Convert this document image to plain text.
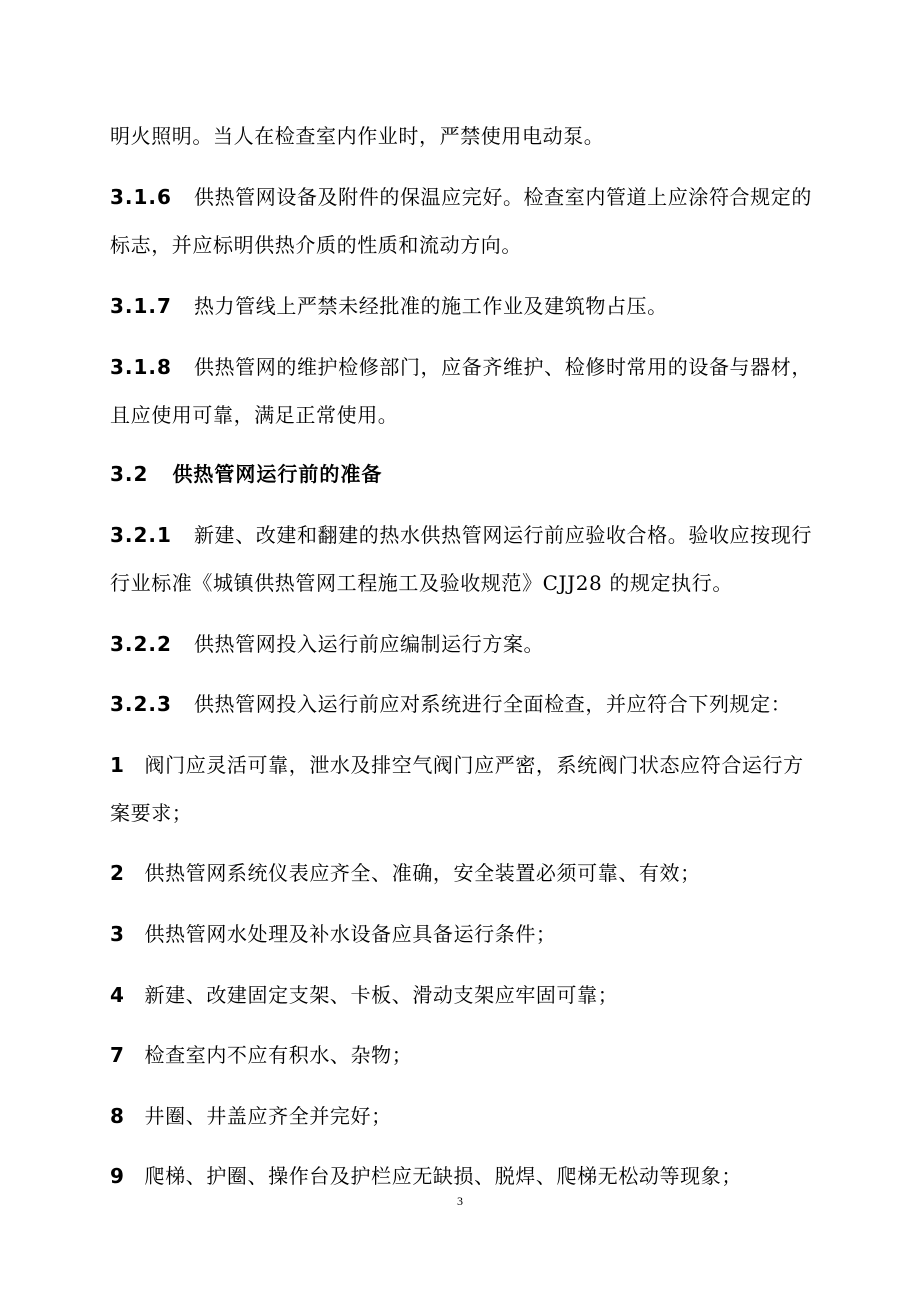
明火照明。当人在检查室内作业时，严禁使用电动泵。
3.1.6 供热管网设备及附件的保温应完好。检查室内管道上应涂符合规定的
标志，并应标明供热介质的性质和流动方向。
3.1.7 热力管线上严禁未经批准的施工作业及建筑物占压。
3.1.8 供热管网的维护检修部门，应备齐维护、检修时常用的设备与器材，
且应使用可靠，满足正常使用。
3.2 供热管网运行前的准备
3.2.1 新建、改建和翻建的热水供热管网运行前应验收合格。验收应按现行
行业标准《城镇供热管网工程施工及验收规范》CJJ28 的规定执行。
3.2.2 供热管网投入运行前应编制运行方案。
3.2.3 供热管网投入运行前应对系统进行全面检查，并应符合下列规定：
1 阀门应灵活可靠，泄水及排空气阀门应严密，系统阀门状态应符合运行方
案要求；
2 供热管网系统仪表应齐全、准确，安全装置必须可靠、有效；
3 供热管网水处理及补水设备应具备运行条件；
4 新建、改建固定支架、卡板、滑动支架应牢固可靠；
7 检查室内不应有积水、杂物；
8 井圈、井盖应齐全并完好；
9 爬梯、护圈、操作台及护栏应无缺损、脱焊、爬梯无松动等现象；
3
